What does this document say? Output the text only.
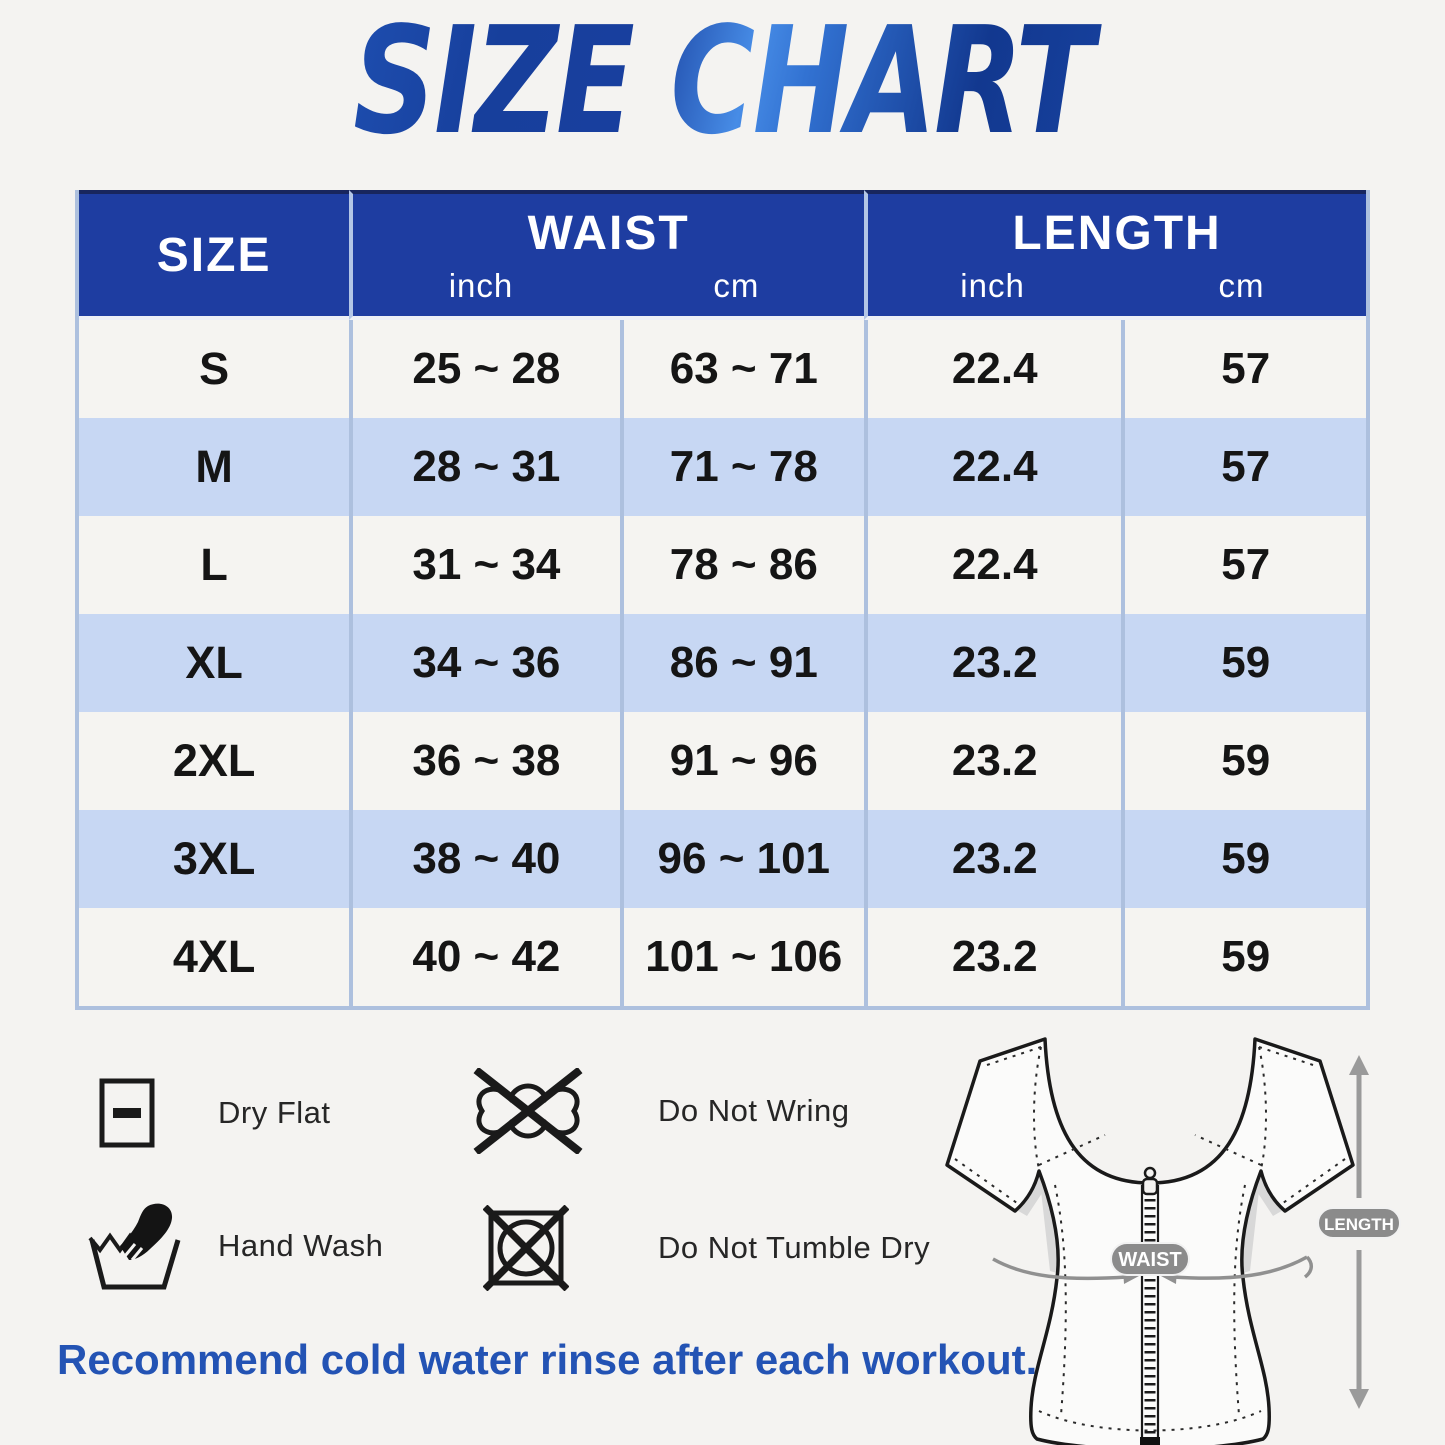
SIZE CHART
SIZE	WAIST
inch	cm

LENGTH
inch	cm

S	25 ~ 28	63 ~ 71	22.4	57
M	28 ~ 31	71 ~ 78	22.4	57
L	31 ~ 34	78 ~ 86	22.4	57
XL	34 ~ 36	86 ~ 91	23.2	59
2XL	36 ~ 38	91 ~ 96	23.2	59
3XL	38 ~ 40	96 ~ 101	23.2	59
4XL	40 ~ 42	101 ~ 106	23.2	59
Dry Flat	Do Not Wring
Hand Wash	Do Not Tumble Dry	WAIST
LENGTH
Recommend cold water rinse after each workout.
